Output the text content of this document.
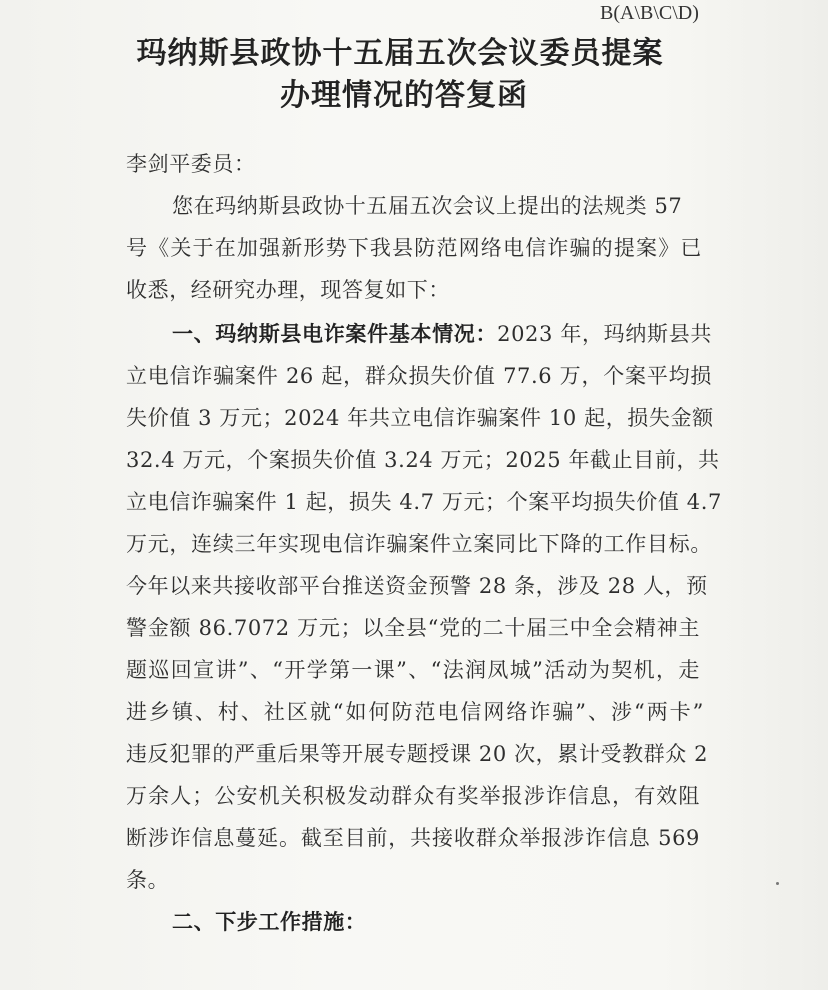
B(A\B\C\D)
玛纳斯县政协十五届五次会议委员提案
办理情况的答复函
李剑平委员：
您在玛纳斯县政协十五届五次会议上提出的法规类 57
号《关于在加强新形势下我县防范网络电信诈骗的提案》已
收悉，经研究办理，现答复如下：
一、玛纳斯县电诈案件基本情况：2023 年，玛纳斯县共
立电信诈骗案件 26 起，群众损失价值 77.6 万，个案平均损
失价值 3 万元；2024 年共立电信诈骗案件 10 起，损失金额
32.4 万元，个案损失价值 3.24 万元；2025 年截止目前，共
立电信诈骗案件 1 起，损失 4.7 万元；个案平均损失价值 4.7
万元，连续三年实现电信诈骗案件立案同比下降的工作目标。
今年以来共接收部平台推送资金预警 28 条，涉及 28 人，预
警金额 86.7072 万元；以全县“党的二十届三中全会精神主
题巡回宣讲”、“开学第一课”、“法润凤城”活动为契机，走
进乡镇、村、社区就“如何防范电信网络诈骗”、涉“两卡”
违反犯罪的严重后果等开展专题授课 20 次，累计受教群众 2
万余人；公安机关积极发动群众有奖举报涉诈信息，有效阻
断涉诈信息蔓延。截至目前，共接收群众举报涉诈信息 569
条。
二、下步工作措施：
